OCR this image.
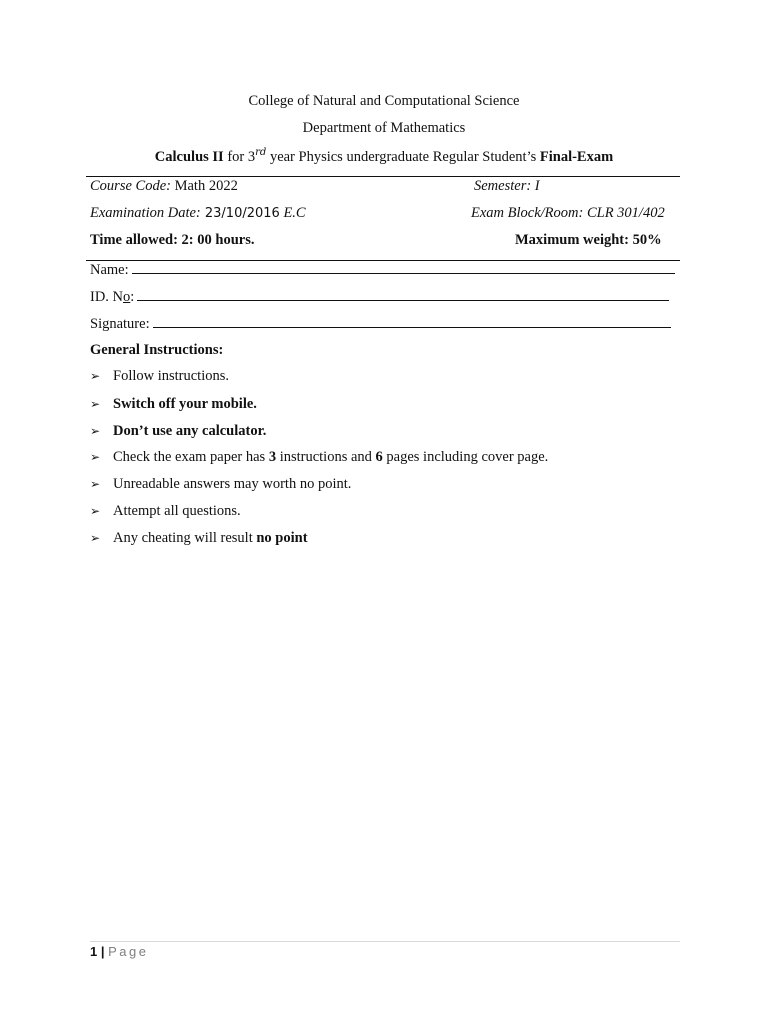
College of Natural and Computational Science
Department of Mathematics
Calculus II for 3rd year Physics undergraduate Regular Student’s Final-Exam
Course Code: Math 2022	Semester: I
Examination Date: 23/10/2016 E.C	Exam Block/Room: CLR 301/402
Time allowed: 2: 00 hours.	Maximum weight: 50%
Name:
ID. No:
Signature:
General Instructions:
➢ Follow instructions.
➢ Switch off your mobile.
➢ Don’t use any calculator.
➢ Check the exam paper has 3 instructions and 6 pages including cover page.
➢ Unreadable answers may worth no point.
➢ Attempt all questions.
➢ Any cheating will result no point
1 | Page
